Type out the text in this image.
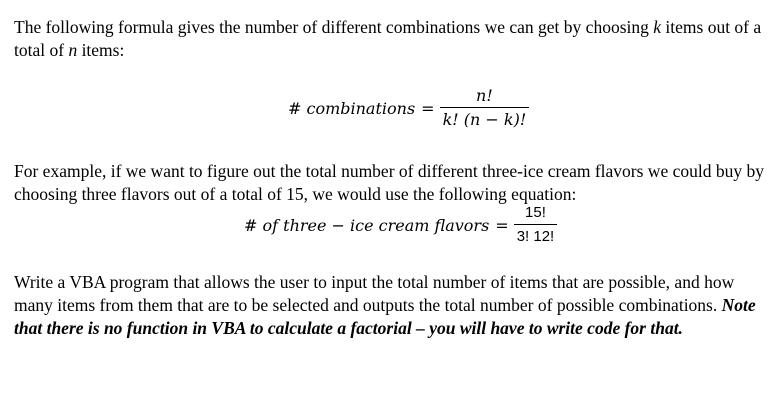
The following formula gives the number of different combinations we can get by choosing k items out of a total of n items:

# combinations = $\frac{n!}{k! (n - k)!}$

For example, if we want to figure out the total number of different three-ice cream flavors we could buy by choosing three flavors out of a total of 15, we would use the following equation:

# of three − ice cream flavors = $\frac{15!}{3! 12!}$

Write a VBA program that allows the user to input the total number of items that are possible, and how many items from them that are to be selected and outputs the total number of possible combinations. Note that there is no function in VBA to calculate a factorial – you will have to write code for that.
